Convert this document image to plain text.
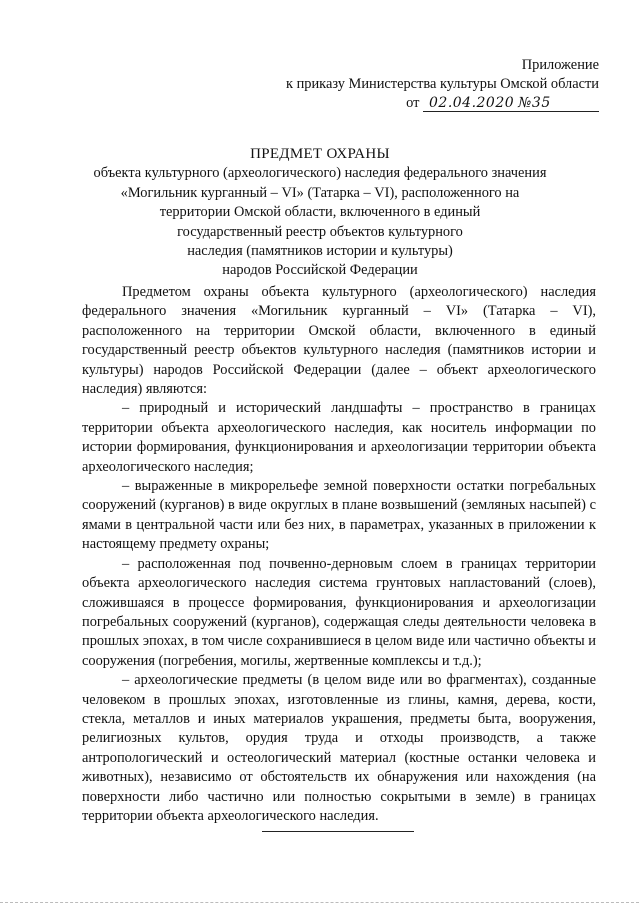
Приложение
к приказу Министерства культуры Омской области
от 02.04.2020 №35
ПРЕДМЕТ ОХРАНЫ
объекта культурного (археологического) наследия федерального значения
«Могильник курганный – VI» (Татарка – VI), расположенного на
территории Омской области, включенного в единый
государственный реестр объектов культурного
наследия (памятников истории и культуры)
народов Российской Федерации

Предметом охраны объекта культурного (археологического) наследия федерального значения «Могильник курганный – VI» (Татарка – VI), расположенного на территории Омской области, включенного в единый государственный реестр объектов культурного наследия (памятников истории и культуры) народов Российской Федерации (далее – объект археологического наследия) являются:

– природный и исторический ландшафты – пространство в границах территории объекта археологического наследия, как носитель информации по истории формирования, функционирования и археологизации территории объекта археологического наследия;

– выраженные в микрорельефе земной поверхности остатки погребальных сооружений (курганов) в виде округлых в плане возвышений (земляных насыпей) с ямами в центральной части или без них, в параметрах, указанных в приложении к настоящему предмету охраны;

– расположенная под почвенно-дерновым слоем в границах территории объекта археологического наследия система грунтовых напластований (слоев), сложившаяся в процессе формирования, функционирования и археологизации погребальных сооружений (курганов), содержащая следы деятельности человека в прошлых эпохах, в том числе сохранившиеся в целом виде или частично объекты и сооружения (погребения, могилы, жертвенные комплексы и т.д.);

– археологические предметы (в целом виде или во фрагментах), созданные человеком в прошлых эпохах, изготовленные из глины, камня, дерева, кости, стекла, металлов и иных материалов украшения, предметы быта, вооружения, религиозных культов, орудия труда и отходы производств, а также антропологический и остеологический материал (костные останки человека и животных), независимо от обстоятельств их обнаружения или нахождения (на поверхности либо частично или полностью сокрытыми в земле) в границах территории объекта археологического наследия.
